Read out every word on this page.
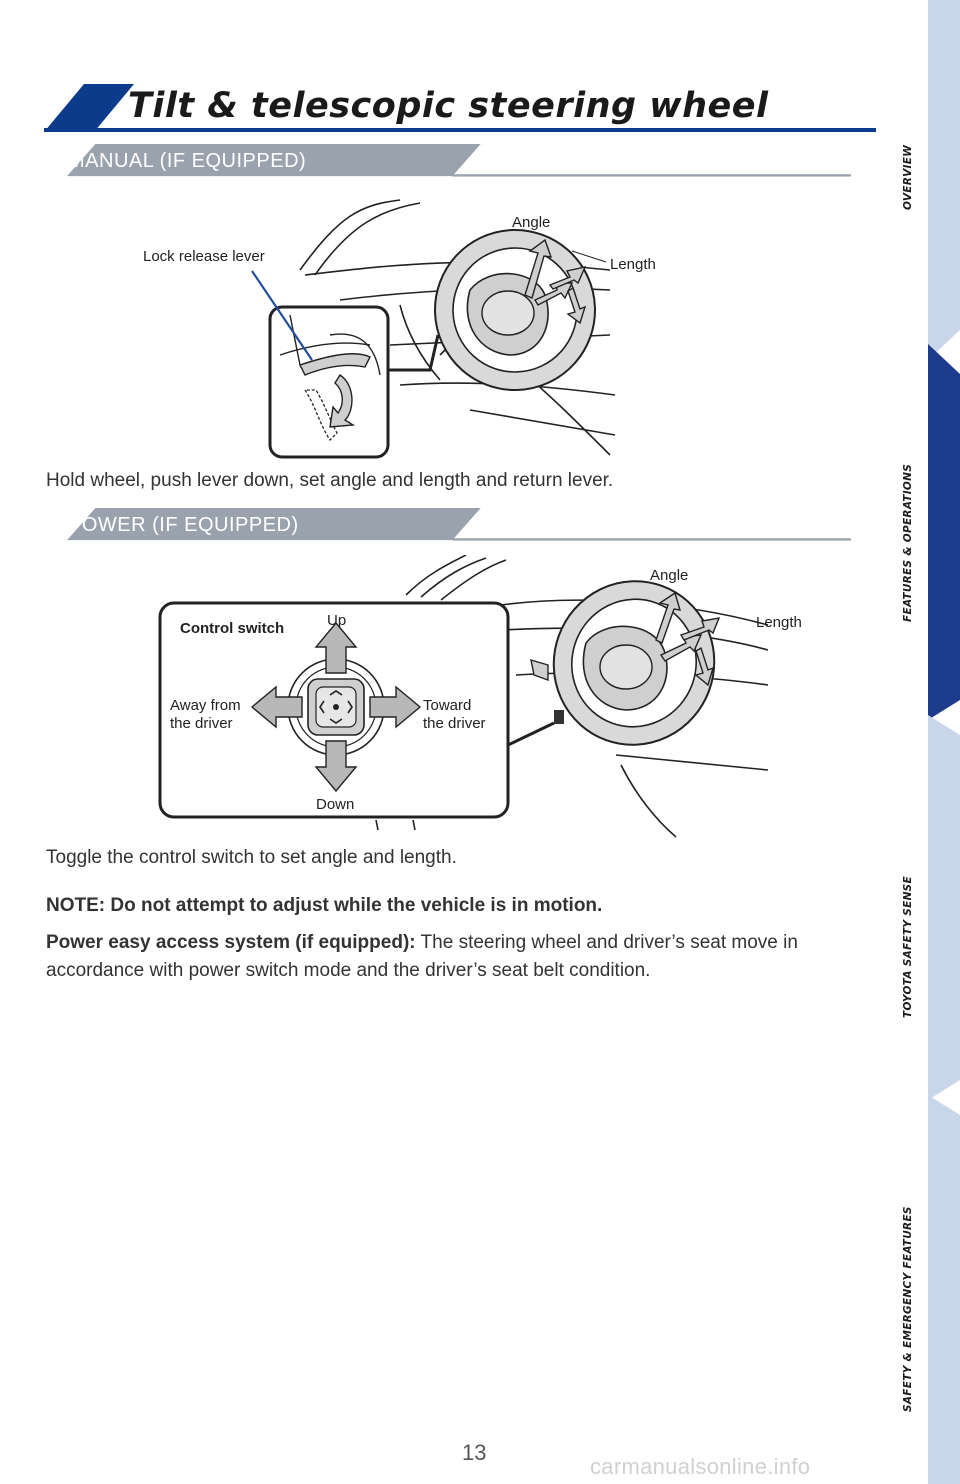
Tilt & telescopic steering wheel
MANUAL (IF EQUIPPED)
Lock release lever
Angle
Length
Hold wheel, push lever down, set angle and length and return lever.
POWER (IF EQUIPPED)
Control switch	Up
Down
Away from
the driver
Toward
the driver
Angle
Length
Toggle the control switch to set angle and length.
NOTE: Do not attempt to adjust while the vehicle is in motion.
Power easy access system (if equipped): The steering wheel and driver’s seat move in accordance with power switch mode and the driver’s seat belt condition.
OVERVIEW
FEATURES & OPERATIONS
TOYOTA SAFETY SENSE
SAFETY & EMERGENCY FEATURES
13
carmanualsonline.info
